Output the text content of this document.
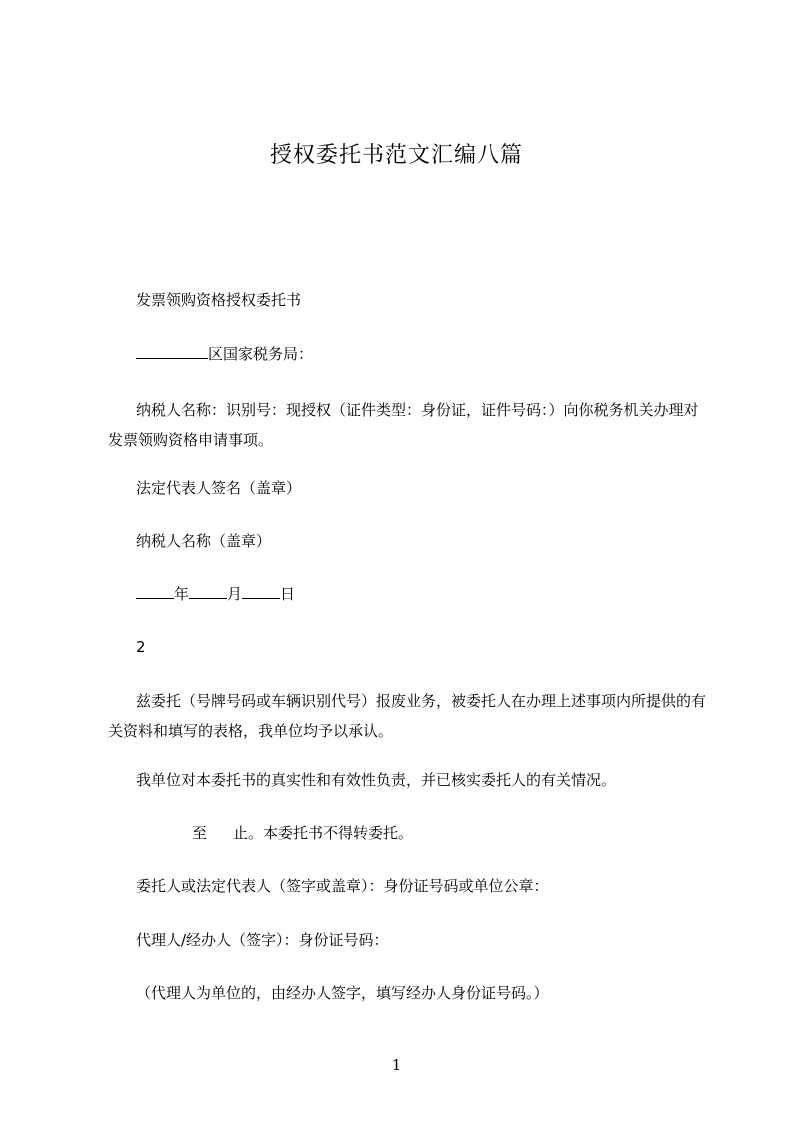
授权委托书范文汇编八篇

发票领购资格授权委托书

区国家税务局：

纳税人名称：识别号：现授权（证件类型：身份证，证件号码：）向你税务机关办理对发票领购资格申请事项。

法定代表人签名（盖章）

纳税人名称（盖章）

年	月	日

2

兹委托（号牌号码或车辆识别代号）报废业务，被委托人在办理上述事项内所提供的有关资料和填写的表格，我单位均予以承认。

我单位对本委托书的真实性和有效性负责，并已核实委托人的有关情况。

至 止。本委托书不得转委托。

委托人或法定代表人（签字或盖章）：身份证号码或单位公章：

代理人/经办人（签字）：身份证号码：

（代理人为单位的，由经办人签字，填写经办人身份证号码。）

1
